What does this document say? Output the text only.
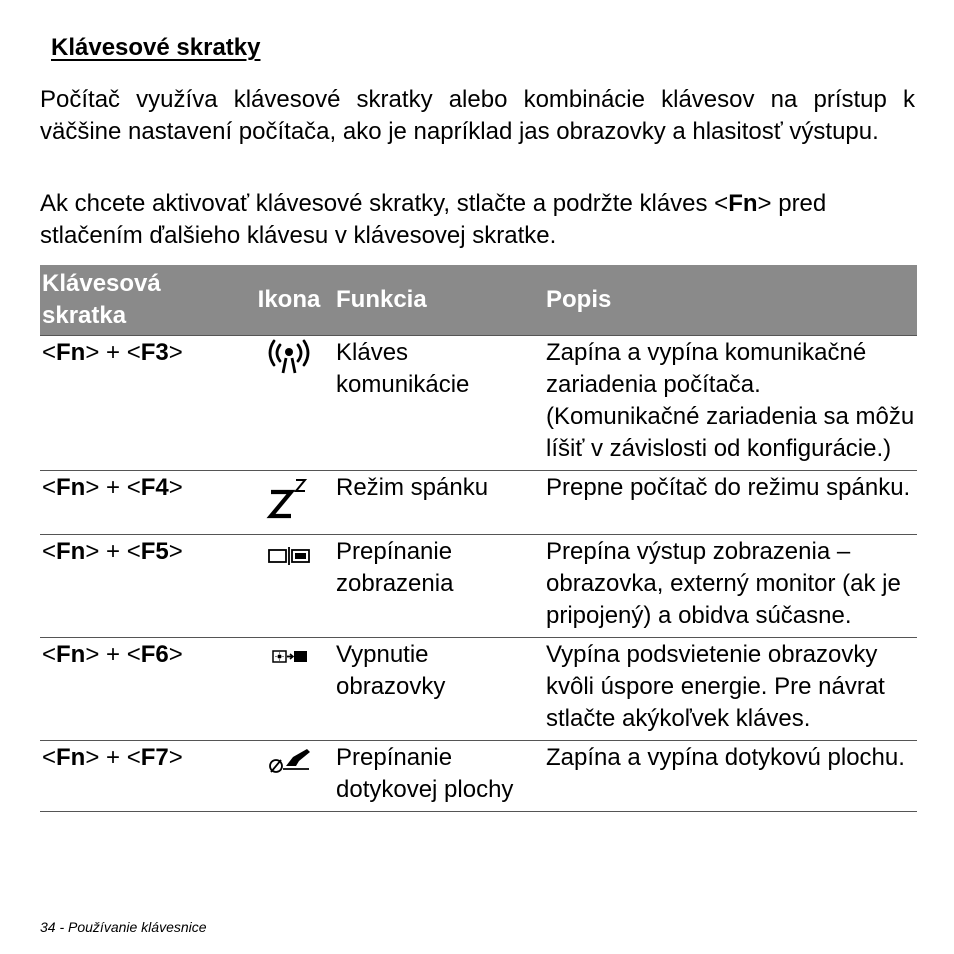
Klávesové skratky

Počítač využíva klávesové skratky alebo kombinácie klávesov na prístup k väčšine nastavení počítača, ako je napríklad jas obrazovky a hlasitosť výstupu.

Ak chcete aktivovať klávesové skratky, stlačte a podržte kláves <Fn> pred stlačením ďalšieho klávesu v klávesovej skratke.

Klávesová skratka	Ikona	Funkcia	Popis
<Fn> + <F3>		Kláves komunikácie	Zapína a vypína komunikačné zariadenia počítača. (Komunikačné zariadenia sa môžu líšiť v závislosti od konfigurácie.)
<Fn> + <F4>		Režim spánku	Prepne počítač do režimu spánku.
<Fn> + <F5>		Prepínanie zobrazenia	Prepína výstup zobrazenia – obrazovka, externý monitor (ak je pripojený) a obidva súčasne.
<Fn> + <F6>		Vypnutie obrazovky	Vypína podsvietenie obrazovky kvôli úspore energie. Pre návrat stlačte akýkoľvek kláves.
<Fn> + <F7>		Prepínanie dotykovej plochy	Zapína a vypína dotykovú plochu.
34 - Používanie klávesnice
